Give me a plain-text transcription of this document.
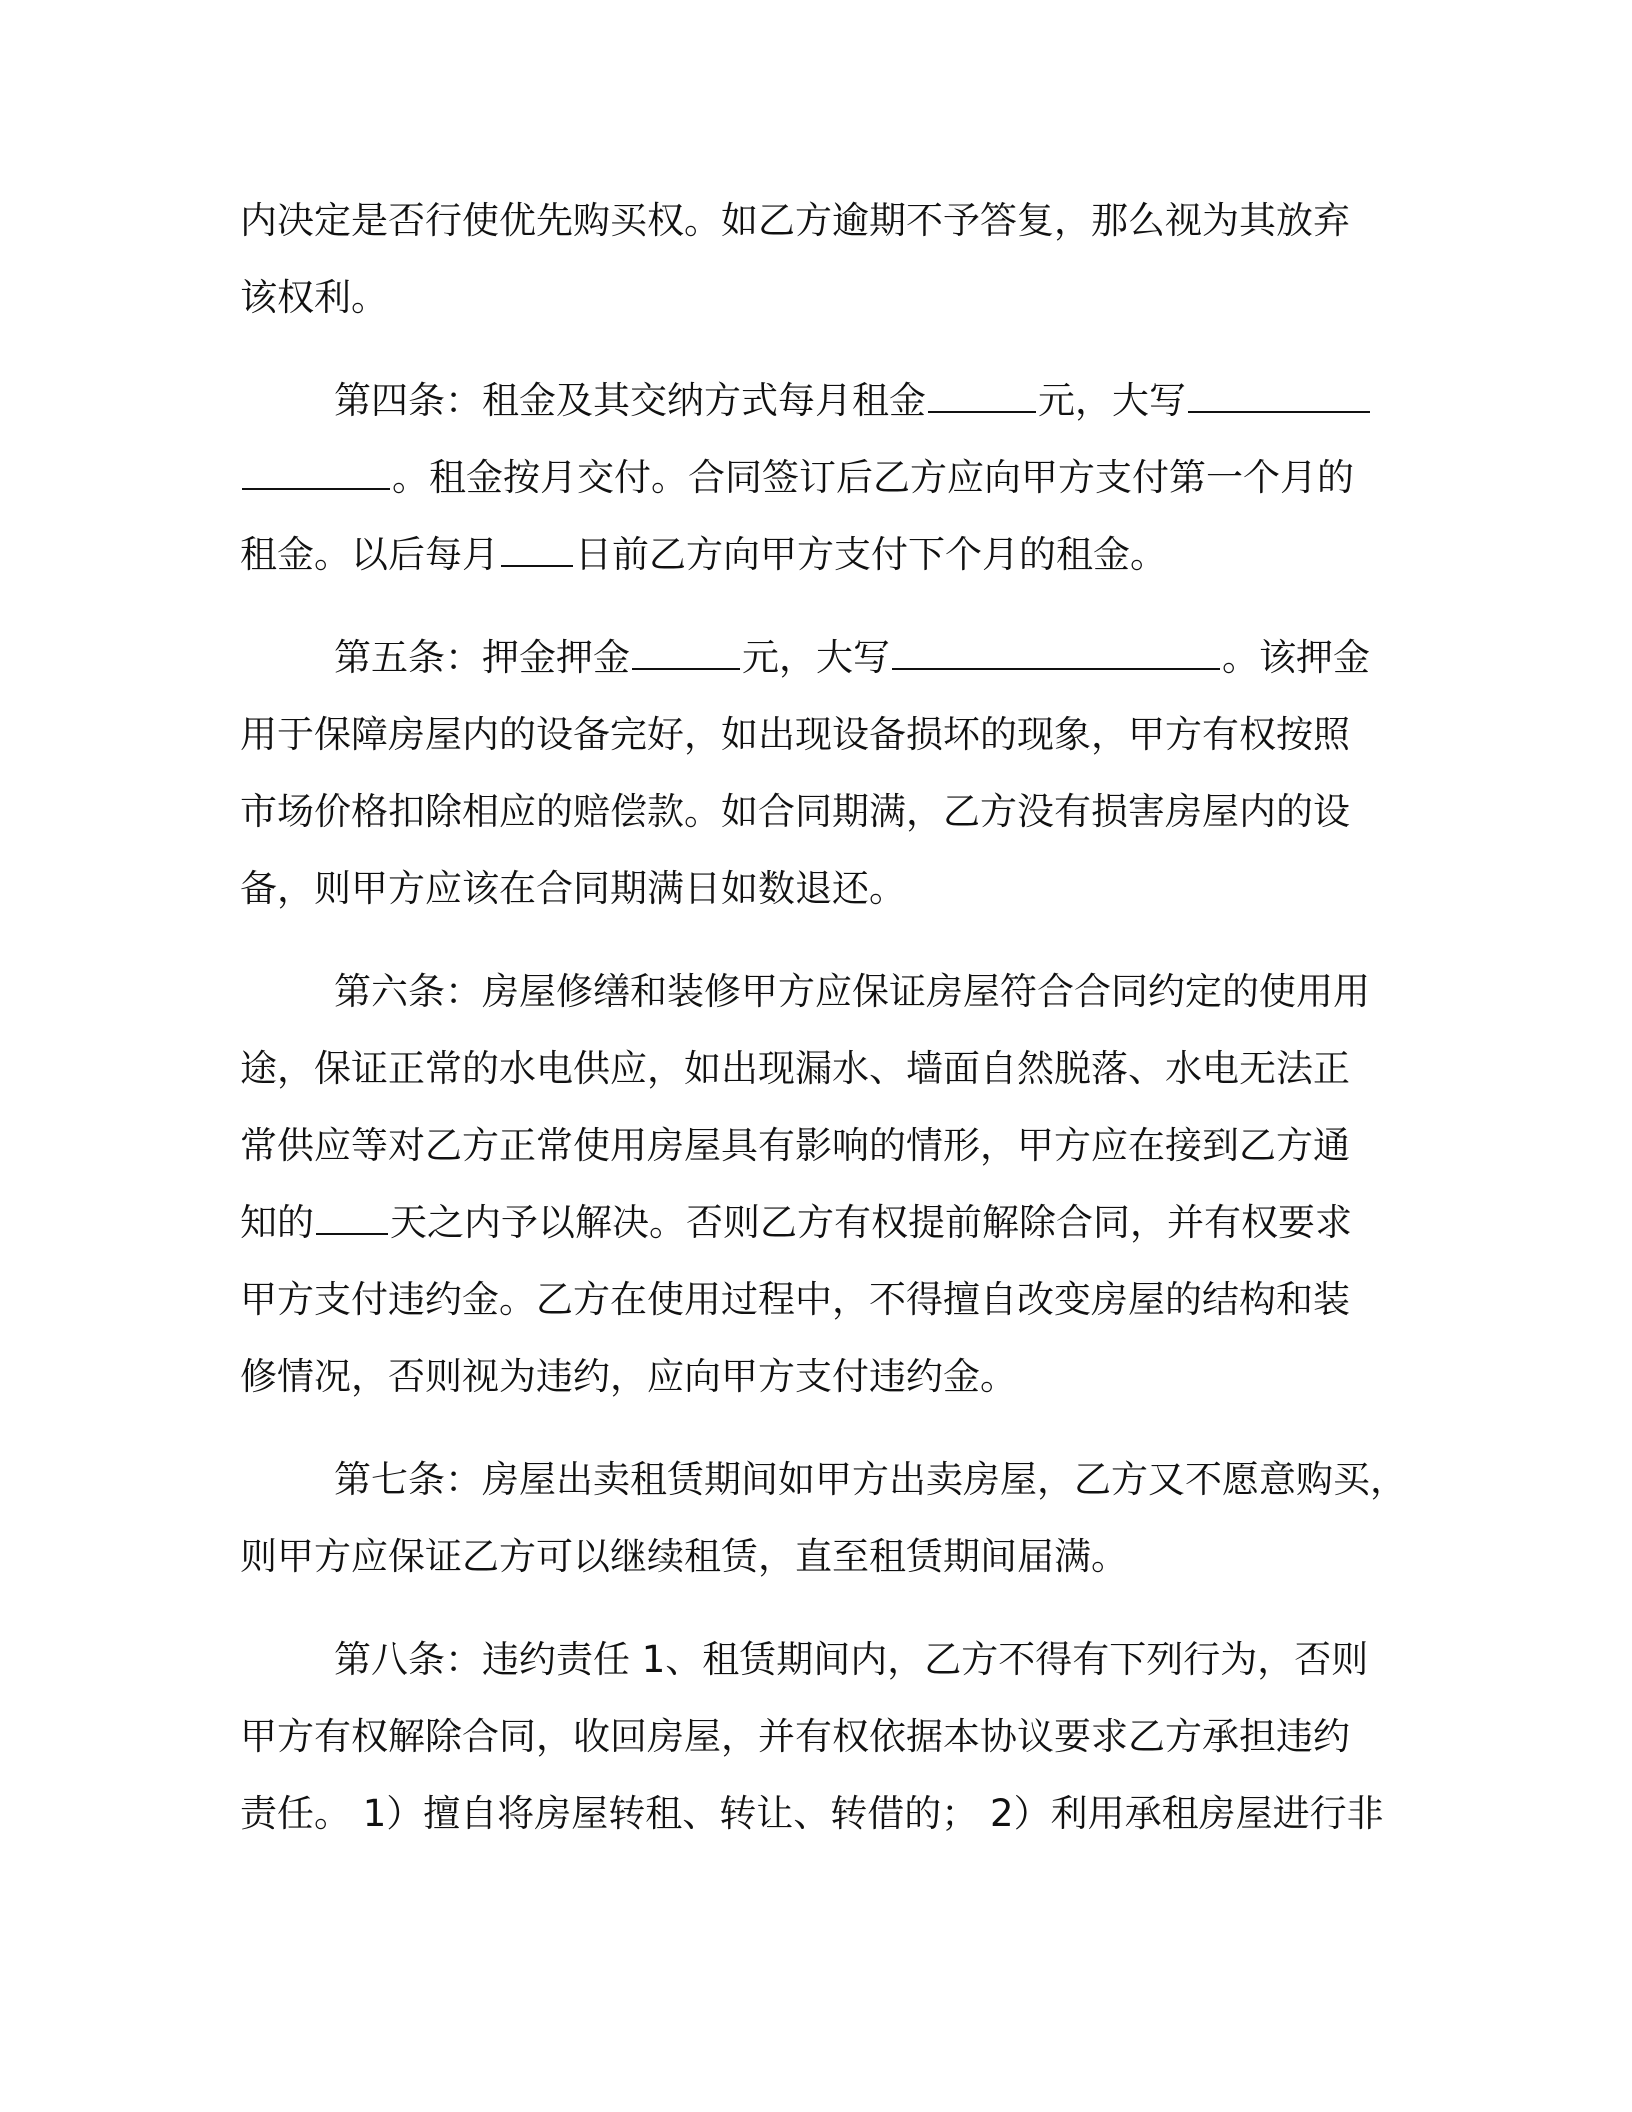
内决定是否行使优先购买权。如乙方逾期不予答复，那么视为其放弃
该权利。

第四条：租金及其交纳方式每月租金	元，大写
。租金按月交付。合同签订后乙方应向甲方支付第一个月的
租金。以后每月 日前乙方向甲方支付下个月的租金。

第五条：押金押金	元，大写	。该押金
用于保障房屋内的设备完好，如出现设备损坏的现象，甲方有权按照
市场价格扣除相应的赔偿款。如合同期满，乙方没有损害房屋内的设
备，则甲方应该在合同期满日如数退还。

第六条：房屋修缮和装修甲方应保证房屋符合合同约定的使用用
途，保证正常的水电供应，如出现漏水、墙面自然脱落、水电无法正
常供应等对乙方正常使用房屋具有影响的情形，甲方应在接到乙方通
知的 天之内予以解决。否则乙方有权提前解除合同，并有权要求
甲方支付违约金。乙方在使用过程中，不得擅自改变房屋的结构和装
修情况，否则视为违约，应向甲方支付违约金。

第七条：房屋出卖租赁期间如甲方出卖房屋，乙方又不愿意购买，
则甲方应保证乙方可以继续租赁，直至租赁期间届满。

第八条：违约责任 1、租赁期间内，乙方不得有下列行为，否则
甲方有权解除合同，收回房屋，并有权依据本协议要求乙方承担违约
责任。 1）擅自将房屋转租、转让、转借的； 2）利用承租房屋进行非
